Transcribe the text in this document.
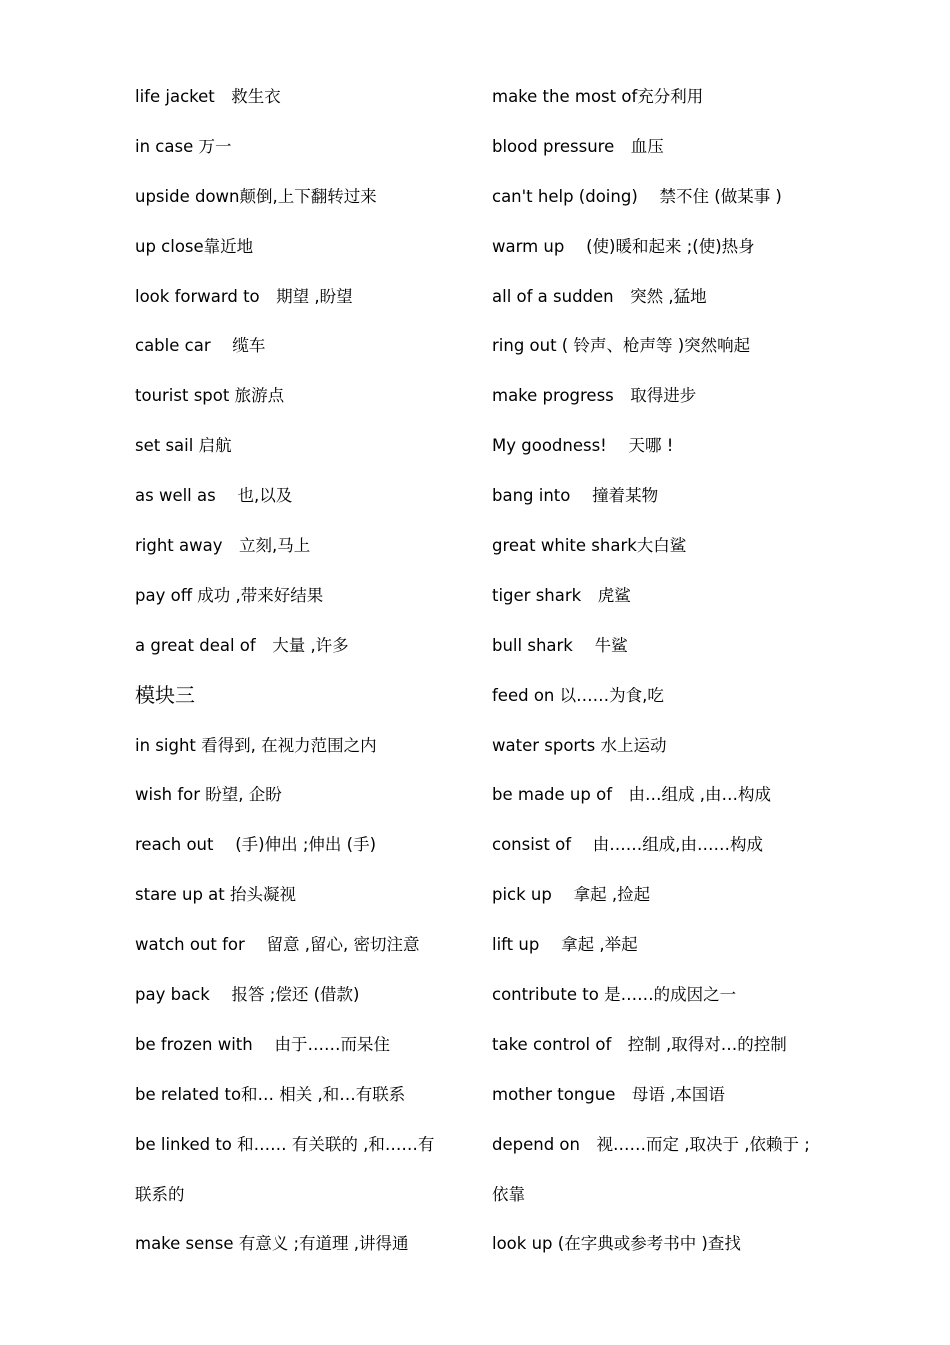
life jacket　救生衣
in case 万一
upside down颠倒,上下翻转过来
up close靠近地
look forward to　期望 ,盼望
cable car　 缆车
tourist spot 旅游点
set sail 启航
as well as　 也,以及
right away　立刻,马上
pay off 成功 ,带来好结果
a great deal of　大量 ,许多
模块三
in sight 看得到, 在视力范围之内
wish for 盼望, 企盼
reach out　 (手)伸出 ;伸出 (手)
stare up at 抬头凝视
watch out for　 留意 ,留心, 密切注意
pay back　 报答 ;偿还 (借款)
be frozen with　 由于……而呆住
be related to和… 相关 ,和…有联系
be linked to 和…… 有关联的 ,和……有
联系的
make sense 有意义 ;有道理 ,讲得通
make the most of充分利用
blood pressure　血压
can't help (doing)　 禁不住 (做某事 )
warm up　 (使)暖和起来 ;(使)热身
all of a sudden　突然 ,猛地
ring out ( 铃声、枪声等 )突然响起
make progress　取得进步
My goodness!　 天哪 !
bang into　 撞着某物
great white shark大白鲨
tiger shark　虎鲨
bull shark　 牛鲨
feed on 以……为食,吃
water sports 水上运动
be made up of　由…组成 ,由…构成
consist of　 由……组成,由……构成
pick up　 拿起 ,捡起
lift up　 拿起 ,举起
contribute to 是……的成因之一
take control of　控制 ,取得对…的控制
mother tongue　母语 ,本国语
depend on　视……而定 ,取决于 ,依赖于 ;
依靠
look up (在字典或参考书中 )查找
